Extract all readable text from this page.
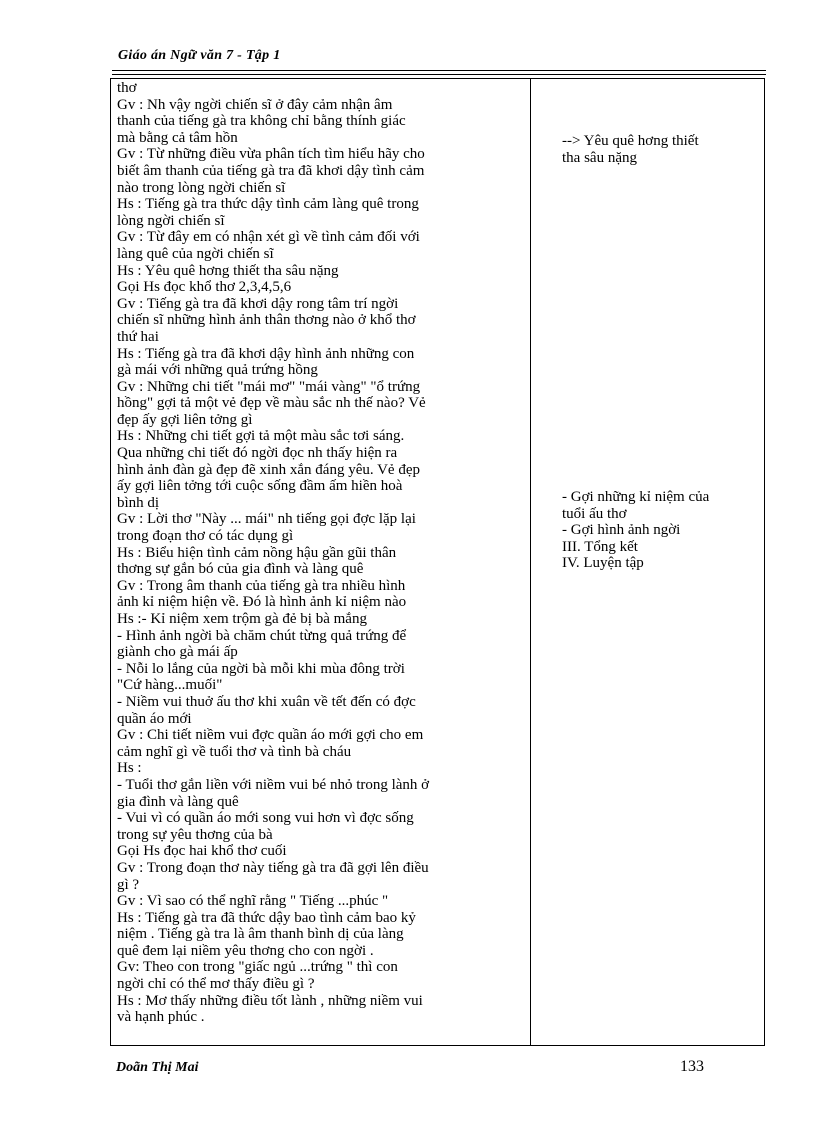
Giáo án Ngữ văn 7 - Tập 1
thơ
Gv : Nh vậy ngời chiến sĩ ở đây cảm nhận âm
thanh của tiếng gà tra không chỉ bằng thính giác
mà bằng cả tâm hồn
Gv : Từ những điều vừa phân tích tìm hiểu hãy cho
biết âm thanh của tiếng gà tra đã khơi dậy tình cảm
nào trong lòng ngời chiến sĩ
Hs : Tiếng gà tra thức dậy tình cảm làng quê trong
lòng ngời chiến sĩ
Gv : Từ đây em có nhận xét gì về tình cảm đối với
làng quê của ngời chiến sĩ
Hs : Yêu quê hơng thiết tha sâu nặng
Gọi Hs đọc khổ thơ 2,3,4,5,6
Gv : Tiếng gà tra đã khơi dậy rong tâm trí ngời
chiến sĩ những hình ảnh thân thơng nào ở khổ thơ
thứ hai
Hs : Tiếng gà tra đã khơi dậy hình ảnh những con
gà mái với những quả trứng hồng
Gv : Những chi tiết "mái mơ" "mái vàng" "ổ trứng
hồng" gợi tả một vẻ đẹp về màu sắc nh thế nào? Vẻ
đẹp ấy gợi liên tởng gì
Hs : Những chi tiết gợi tả một màu sắc tơi sáng.
Qua những chi tiết đó ngời đọc nh thấy hiện ra
hình ảnh đàn gà đẹp đẽ xinh xắn đáng yêu. Vẻ đẹp
ấy gợi liên tởng tới cuộc sống đầm ấm hiền hoà
bình dị
Gv : Lời thơ "Này ... mái" nh tiếng gọi đợc lặp lại
trong đoạn thơ có tác dụng gì
Hs : Biểu hiện tình cảm nồng hậu gần gũi thân
thơng sự gắn bó của gia đình và làng quê
Gv : Trong âm thanh của tiếng gà tra nhiều hình
ảnh kỉ niệm hiện về. Đó là hình ảnh kỉ niệm nào
Hs :- Kỉ niệm xem trộm gà đẻ bị bà mắng
- Hình ảnh ngời bà chăm chút từng quả trứng để
giành cho gà mái ấp
- Nỗi lo lắng của ngời bà mỗi khi mùa đông trời
"Cứ hàng...muối"
- Niềm vui thuở ấu thơ khi xuân về tết đến có đợc
quần áo mới
Gv : Chi tiết niềm vui đợc quần áo mới gợi cho em
cảm nghĩ gì về tuổi thơ và tình bà cháu
Hs :
- Tuổi thơ gắn liền với niềm vui bé nhỏ trong lành ở
gia đình và làng quê
- Vui vì có quần áo mới song vui hơn vì đợc sống
trong sự yêu thơng của bà
Gọi Hs đọc hai khổ thơ cuối
Gv : Trong đoạn thơ này tiếng gà tra đã gợi lên điều
gì ?
Gv : Vì sao có thể nghĩ rằng " Tiếng ...phúc "
Hs : Tiếng gà tra đã thức dậy bao tình cảm bao kỷ
niệm . Tiếng gà tra là âm thanh bình dị của làng
quê đem lại niềm yêu thơng cho con ngời .
Gv: Theo con trong "giấc ngủ ...trứng " thì con
ngời chỉ có thể mơ thấy điều gì ?
Hs : Mơ thấy những điều tốt lành , những niềm vui
và hạnh phúc .
--> Yêu quê hơng thiết
tha sâu nặng
- Gợi những kỉ niệm của
tuổi ấu thơ
- Gợi hình ảnh ngời
III. Tổng kết
IV. Luyện tập
Doãn Thị Mai	133
